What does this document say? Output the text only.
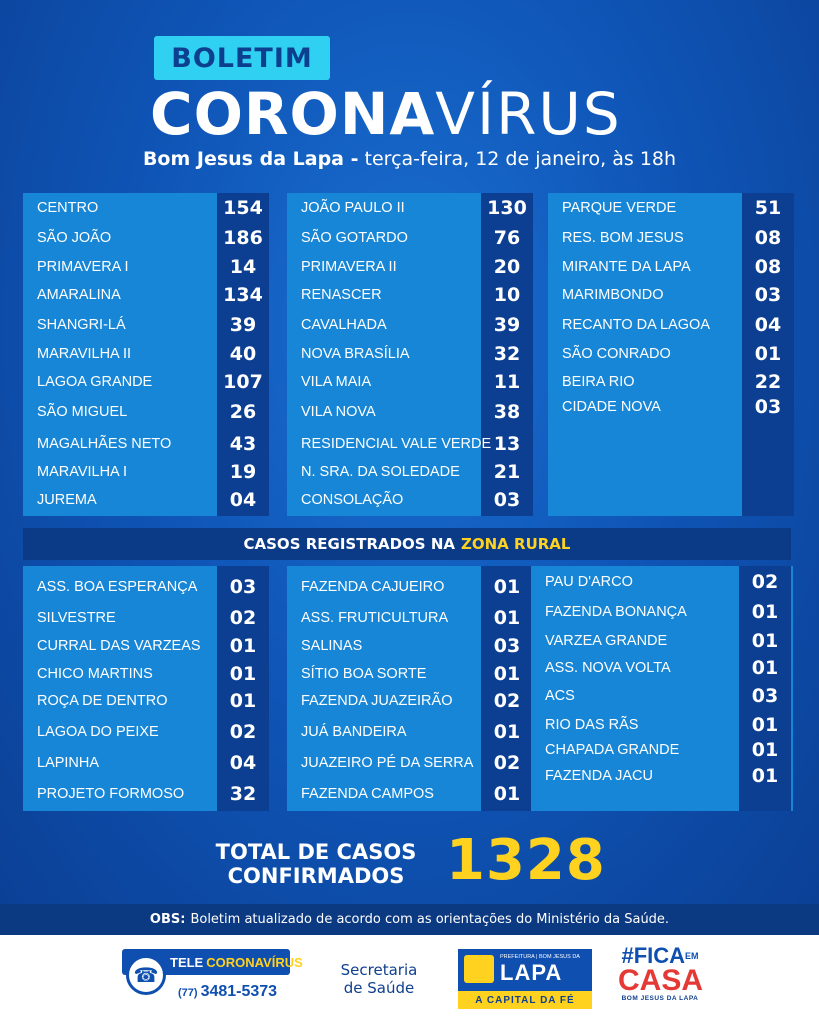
BOLETIM
CORONA VÍRUS
Bom Jesus da Lapa - terça-feira, 12 de janeiro, às 18h
CENTRO	154
SÃO JOÃO	186
PRIMAVERA I	14
AMARALINA	134
SHANGRI-LÁ	39
MARAVILHA II	40
LAGOA GRANDE	107
SÃO MIGUEL	26
MAGALHÃES NETO	43
MARAVILHA I	19
JUREMA	04
JOÃO PAULO II	130
SÃO GOTARDO	76
PRIMAVERA II	20
RENASCER	10
CAVALHADA	39
NOVA BRASÍLIA	32
VILA MAIA	11
VILA NOVA	38
RESIDENCIAL VALE VERDE 13
N. SRA. DA SOLEDADE	21
CONSOLAÇÃO	03
PARQUE VERDE	51
RES. BOM JESUS	08
MIRANTE DA LAPA	08
MARIMBONDO	03
RECANTO DA LAGOA	04
SÃO CONRADO	01
BEIRA RIO	22
CIDADE NOVA	03
CASOS REGISTRADOS NA ZONA RURAL
ASS. BOA ESPERANÇA	03
SILVESTRE	02
CURRAL DAS VARZEAS	01
CHICO MARTINS	01
ROÇA DE DENTRO	01
LAGOA DO PEIXE	02
LAPINHA	04
PROJETO FORMOSO	32
FAZENDA CAJUEIRO	01
ASS. FRUTICULTURA	01
SALINAS	03
SÍTIO BOA SORTE	01
FAZENDA JUAZEIRÃO	02
JUÁ BANDEIRA	01
JUAZEIRO PÉ DA SERRA	02
FAZENDA CAMPOS	01
PAU D'ARCO	02
FAZENDA BONANÇA	01
VARZEA GRANDE	01
ASS. NOVA VOLTA	01
ACS	03
RIO DAS RÃS	01
CHAPADA GRANDE	01
FAZENDA JACU	01
TOTAL DE CASOS
CONFIRMADOS 1328
OBS: Boletim atualizado de acordo com as orientações do Ministério da Saúde.
TELE CORONAVÍRUS
☎
(77) 3481-5373
Secretaria
de Saúde
PREFEITURA | BOM JESUS DA
LAPA
A CAPITAL DA FÉ
$\#FICA^{EM}$
CASA
BOM JESUS DA LAPA
